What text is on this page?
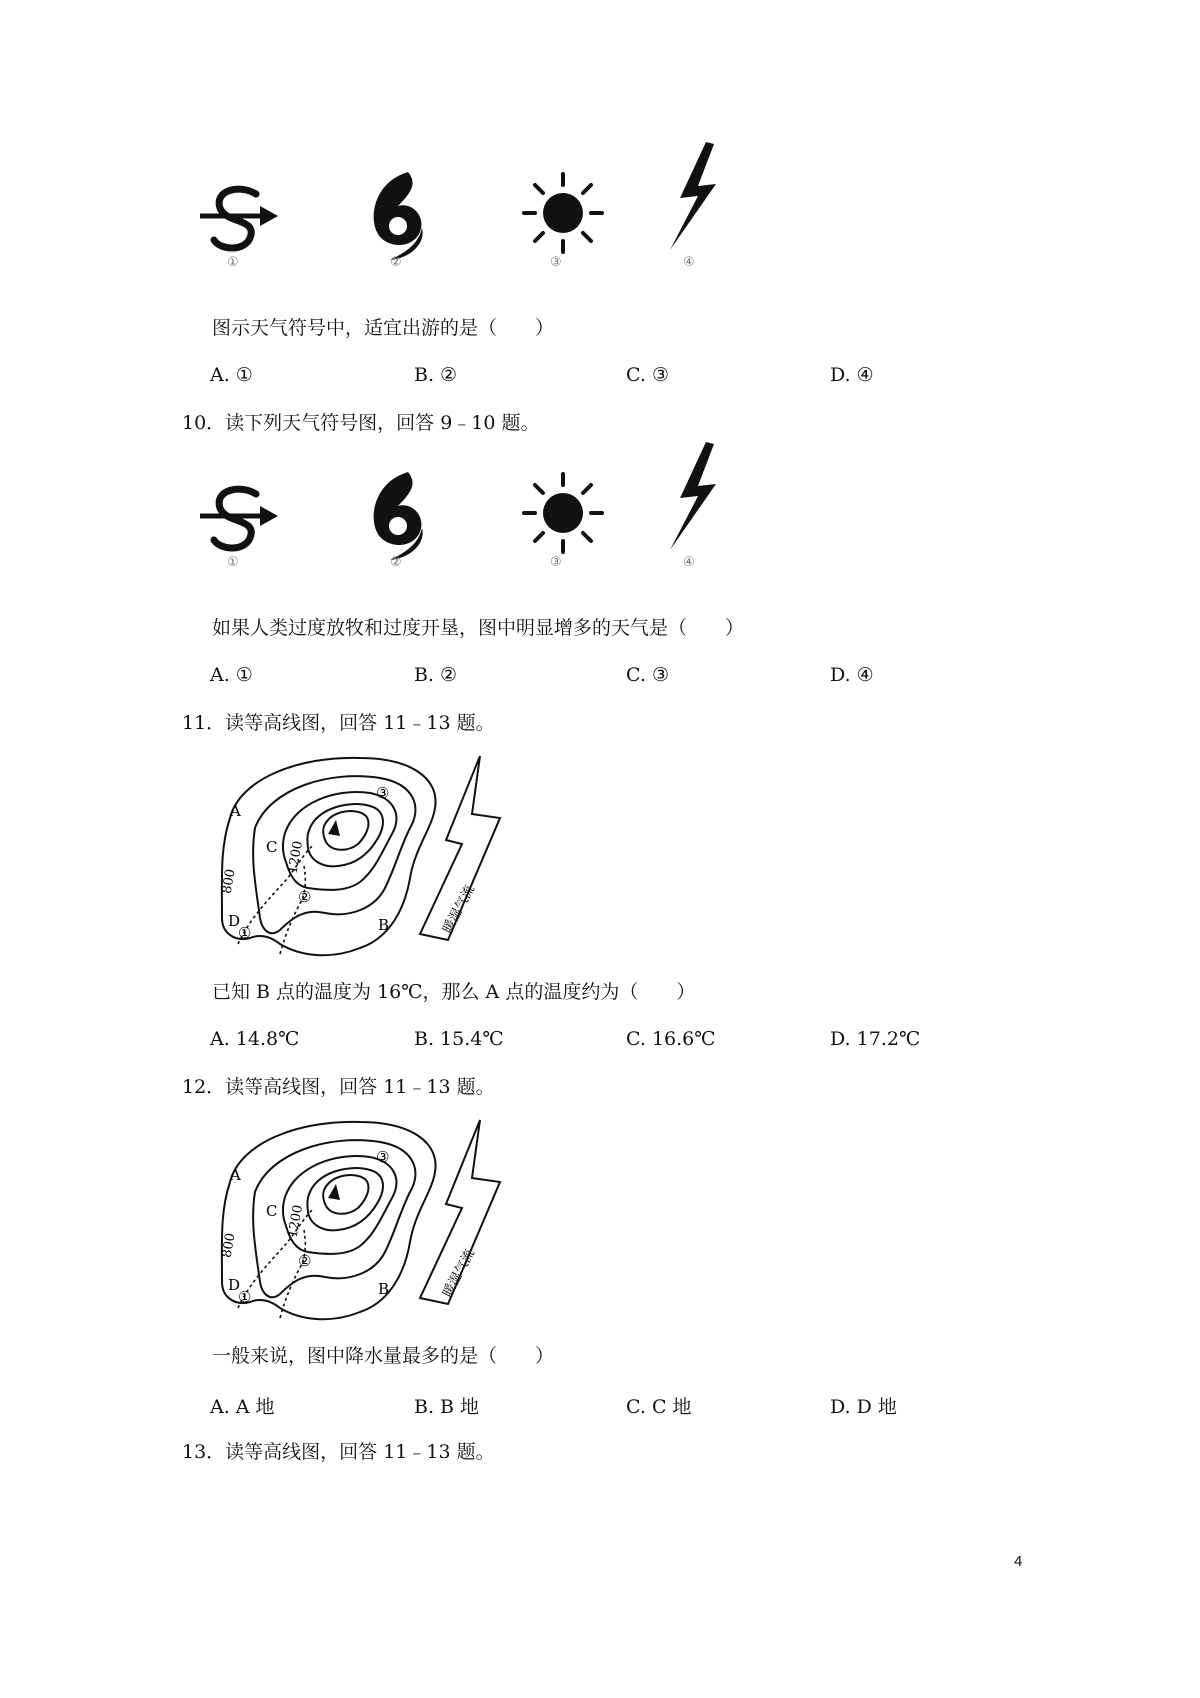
①	②	③	④
图示天气符号中，适宜出游的是（　　）
A. ①	B. ②	C. ③	D. ④
10．读下列天气符号图，回答 9﹣10 题。
①	②	③	④
如果人类过度放牧和过度开垦，图中明显增多的天气是（　　）
A. ①	B. ②	C. ③	D. ④
11．读等高线图，回答 11﹣13 题。
A
B
C
D
800
1200
①
②
③
暖湿气流
已知 B 点的温度为 16℃，那么 A 点的温度约为（　　）
A. 14.8℃	B. 15.4℃	C. 16.6℃	D. 17.2℃
12．读等高线图，回答 11﹣13 题。
A
B
C
D
800
1200
①
②
③
暖湿气流
一般来说，图中降水量最多的是（　　）
A. A 地	B. B 地	C. C 地	D. D 地
13．读等高线图，回答 11﹣13 题。
4
